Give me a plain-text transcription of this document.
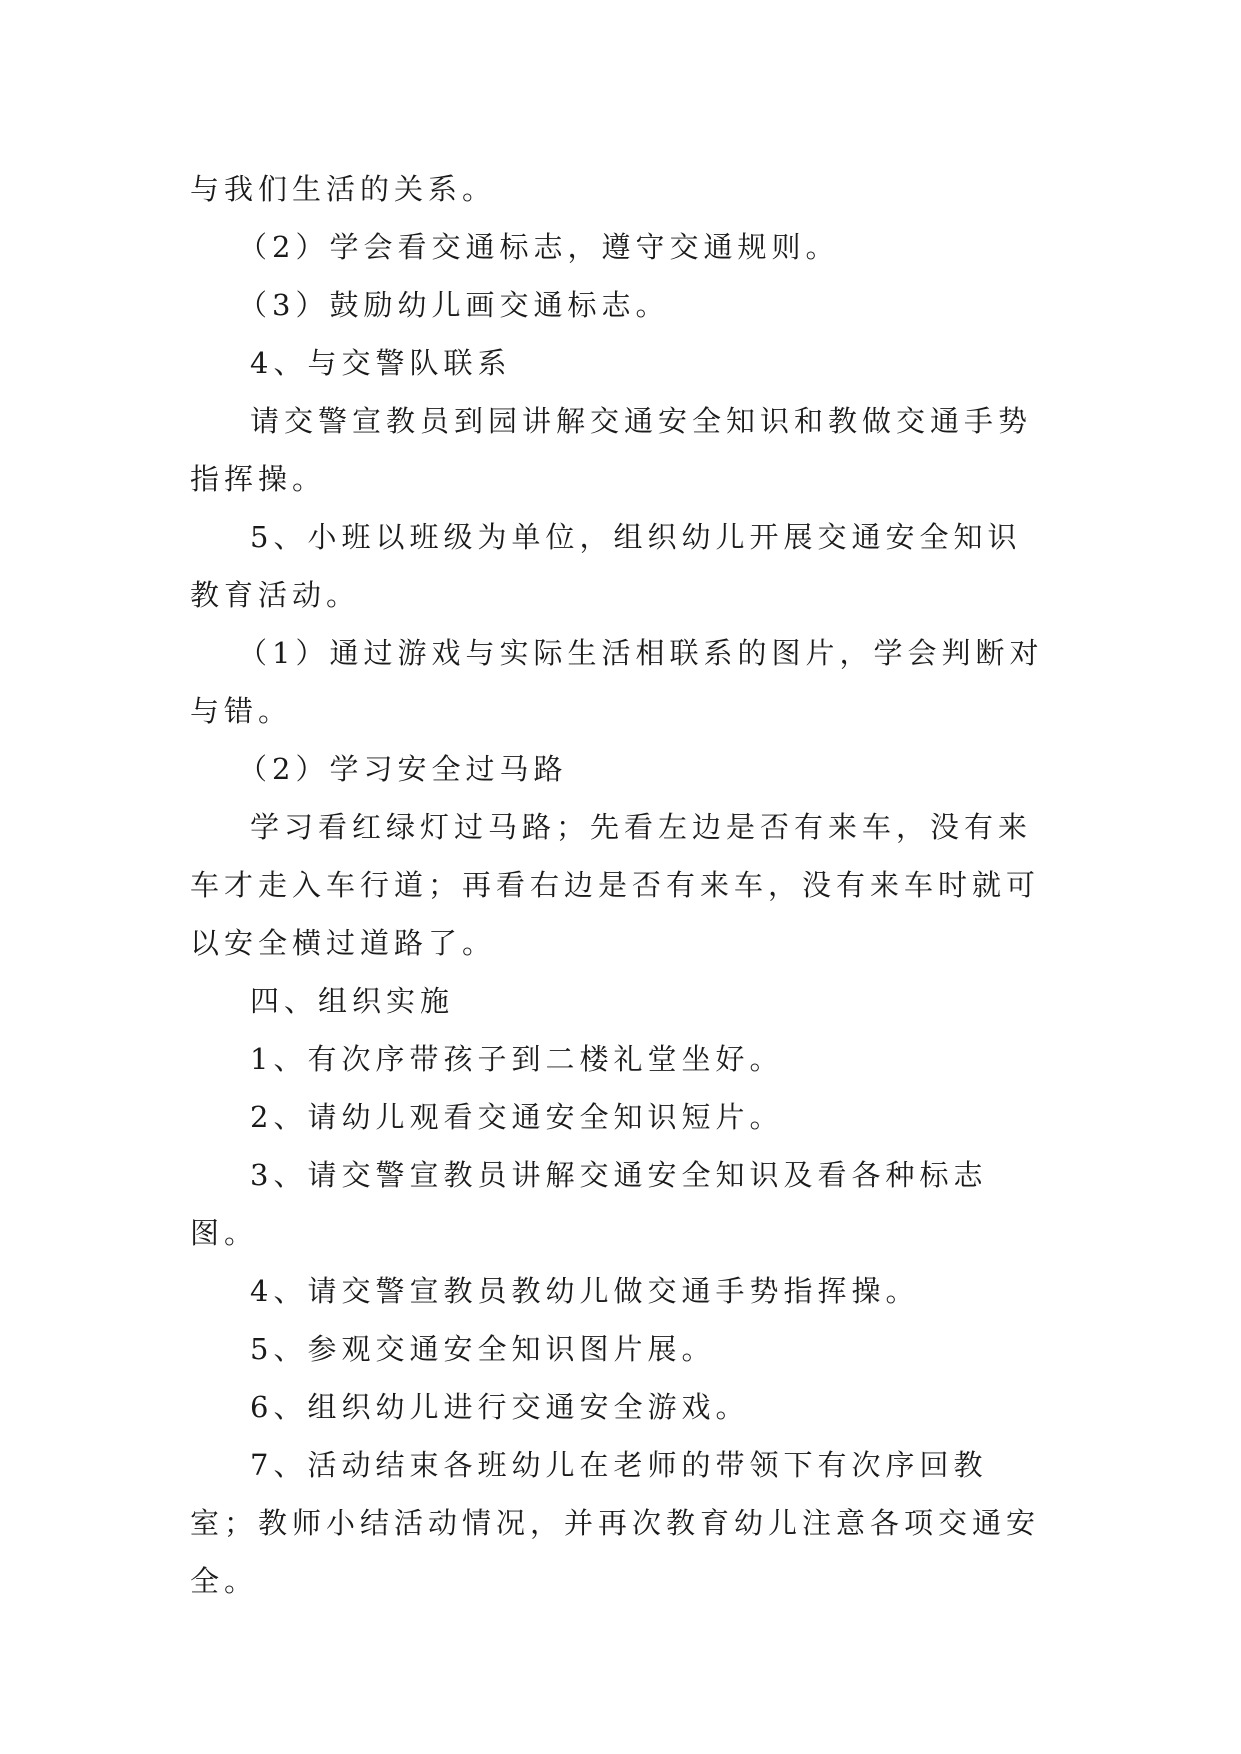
与我们生活的关系。

（2）学会看交通标志，遵守交通规则。

（3）鼓励幼儿画交通标志。

4、与交警队联系

请交警宣教员到园讲解交通安全知识和教做交通手势指挥操。

5、小班以班级为单位，组织幼儿开展交通安全知识教育活动。

（1）通过游戏与实际生活相联系的图片，学会判断对与错。

（2）学习安全过马路

学习看红绿灯过马路；先看左边是否有来车，没有来车才走入车行道；再看右边是否有来车，没有来车时就可以安全横过道路了。

四、组织实施

1、有次序带孩子到二楼礼堂坐好。

2、请幼儿观看交通安全知识短片。

3、请交警宣教员讲解交通安全知识及看各种标志图。

4、请交警宣教员教幼儿做交通手势指挥操。

5、参观交通安全知识图片展。

6、组织幼儿进行交通安全游戏。

7、活动结束各班幼儿在老师的带领下有次序回教室；教师小结活动情况，并再次教育幼儿注意各项交通安全。
